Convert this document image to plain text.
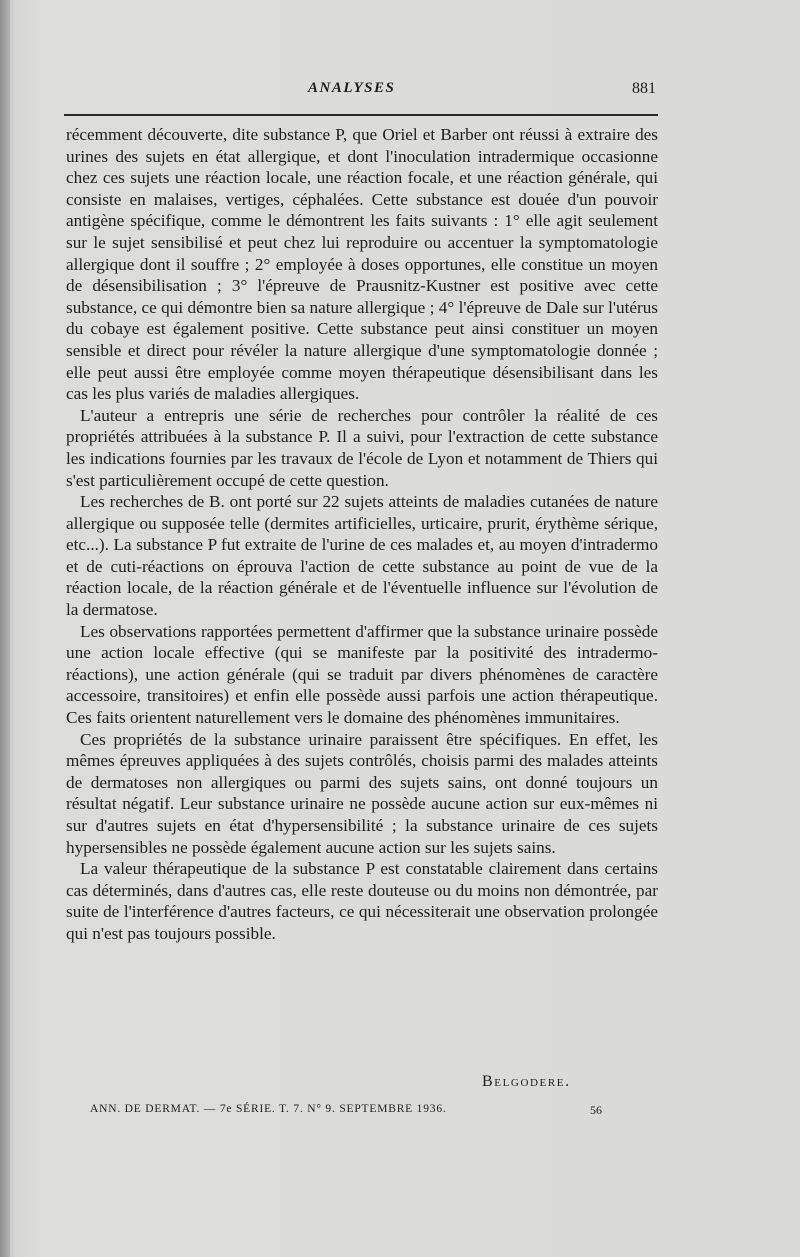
ANALYSES	881

récemment découverte, dite substance P, que Oriel et Barber ont réussi à extraire des urines des sujets en état allergique, et dont l'inoculation intradermique occasionne chez ces sujets une réaction locale, une réaction focale, et une réaction générale, qui consiste en malaises, vertiges, céphalées. Cette substance est douée d'un pouvoir antigène spécifique, comme le démontrent les faits suivants : 1° elle agit seulement sur le sujet sensibilisé et peut chez lui reproduire ou accentuer la symptomatologie allergique dont il souffre ; 2° employée à doses opportunes, elle constitue un moyen de désensibilisation ; 3° l'épreuve de Prausnitz-Kustner est positive avec cette substance, ce qui démontre bien sa nature allergique ; 4° l'épreuve de Dale sur l'utérus du cobaye est également positive. Cette substance peut ainsi constituer un moyen sensible et direct pour révéler la nature allergique d'une symptomatologie donnée ; elle peut aussi être employée comme moyen thérapeutique désensibilisant dans les cas les plus variés de maladies allergiques.

L'auteur a entrepris une série de recherches pour contrôler la réalité de ces propriétés attribuées à la substance P. Il a suivi, pour l'extraction de cette substance les indications fournies par les travaux de l'école de Lyon et notamment de Thiers qui s'est particulièrement occupé de cette question.

Les recherches de B. ont porté sur 22 sujets atteints de maladies cutanées de nature allergique ou supposée telle (dermites artificielles, urticaire, prurit, érythème sérique, etc...). La substance P fut extraite de l'urine de ces malades et, au moyen d'intradermo et de cuti-réactions on éprouva l'action de cette substance au point de vue de la réaction locale, de la réaction générale et de l'éventuelle influence sur l'évolution de la dermatose.

Les observations rapportées permettent d'affirmer que la substance urinaire possède une action locale effective (qui se manifeste par la positivité des intradermo-réactions), une action générale (qui se traduit par divers phénomènes de caractère accessoire, transitoires) et enfin elle possède aussi parfois une action thérapeutique. Ces faits orientent naturellement vers le domaine des phénomènes immunitaires.

Ces propriétés de la substance urinaire paraissent être spécifiques. En effet, les mêmes épreuves appliquées à des sujets contrôlés, choisis parmi des malades atteints de dermatoses non allergiques ou parmi des sujets sains, ont donné toujours un résultat négatif. Leur substance urinaire ne possède aucune action sur eux-mêmes ni sur d'autres sujets en état d'hypersensibilité ; la substance urinaire de ces sujets hypersensibles ne possède également aucune action sur les sujets sains.

La valeur thérapeutique de la substance P est constatable clairement dans certains cas déterminés, dans d'autres cas, elle reste douteuse ou du moins non démontrée, par suite de l'interférence d'autres facteurs, ce qui nécessiterait une observation prolongée qui n'est pas toujours possible.

Belgodere.
ANN. DE DERMAT. — 7e SÉRIE. T. 7. N° 9. SEPTEMBRE 1936.	56
